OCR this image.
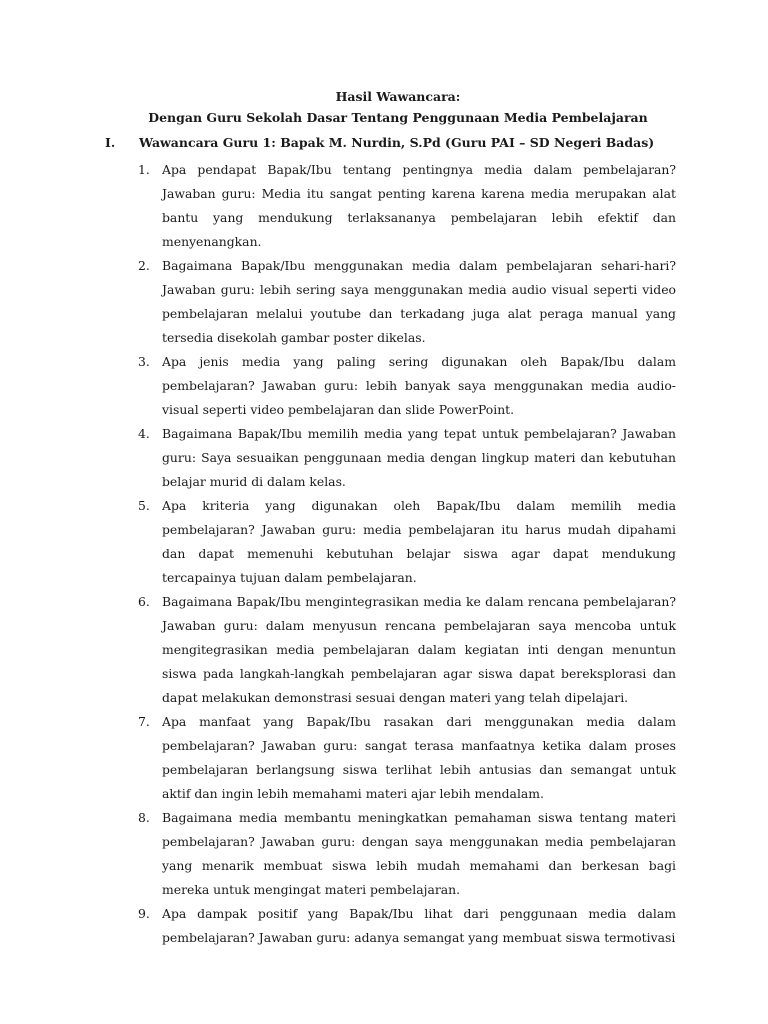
Hasil Wawancara:
Dengan Guru Sekolah Dasar Tentang Penggunaan Media Pembelajaran
I. Wawancara Guru 1: Bapak M. Nurdin, S.Pd (Guru PAI – SD Negeri Badas)
1. Apa pendapat Bapak/Ibu tentang pentingnya media dalam pembelajaran? Jawaban guru: Media itu sangat penting karena karena media merupakan alat bantu yang mendukung terlaksananya pembelajaran lebih efektif dan menyenangkan.
2. Bagaimana Bapak/Ibu menggunakan media dalam pembelajaran sehari-hari? Jawaban guru: lebih sering saya menggunakan media audio visual seperti video pembelajaran melalui youtube dan terkadang juga alat peraga manual yang tersedia disekolah gambar poster dikelas.
3. Apa jenis media yang paling sering digunakan oleh Bapak/Ibu dalam pembelajaran? Jawaban guru: lebih banyak saya menggunakan media audio-visual seperti video pembelajaran dan slide PowerPoint.
4. Bagaimana Bapak/Ibu memilih media yang tepat untuk pembelajaran? Jawaban guru: Saya sesuaikan penggunaan media dengan lingkup materi dan kebutuhan belajar murid di dalam kelas.
5. Apa kriteria yang digunakan oleh Bapak/Ibu dalam memilih media pembelajaran? Jawaban guru: media pembelajaran itu harus mudah dipahami dan dapat memenuhi kebutuhan belajar siswa agar dapat mendukung tercapainya tujuan dalam pembelajaran.
6. Bagaimana Bapak/Ibu mengintegrasikan media ke dalam rencana pembelajaran? Jawaban guru: dalam menyusun rencana pembelajaran saya mencoba untuk mengitegrasikan media pembelajaran dalam kegiatan inti dengan menuntun siswa pada langkah-langkah pembelajaran agar siswa dapat bereksplorasi dan dapat melakukan demonstrasi sesuai dengan materi yang telah dipelajari.
7. Apa manfaat yang Bapak/Ibu rasakan dari menggunakan media dalam pembelajaran? Jawaban guru: sangat terasa manfaatnya ketika dalam proses pembelajaran berlangsung siswa terlihat lebih antusias dan semangat untuk aktif dan ingin lebih memahami materi ajar lebih mendalam.
8. Bagaimana media membantu meningkatkan pemahaman siswa tentang materi pembelajaran? Jawaban guru: dengan saya menggunakan media pembelajaran yang menarik membuat siswa lebih mudah memahami dan berkesan bagi mereka untuk mengingat materi pembelajaran.
9. Apa dampak positif yang Bapak/Ibu lihat dari penggunaan media dalam pembelajaran? Jawaban guru: adanya semangat yang membuat siswa termotivasi
